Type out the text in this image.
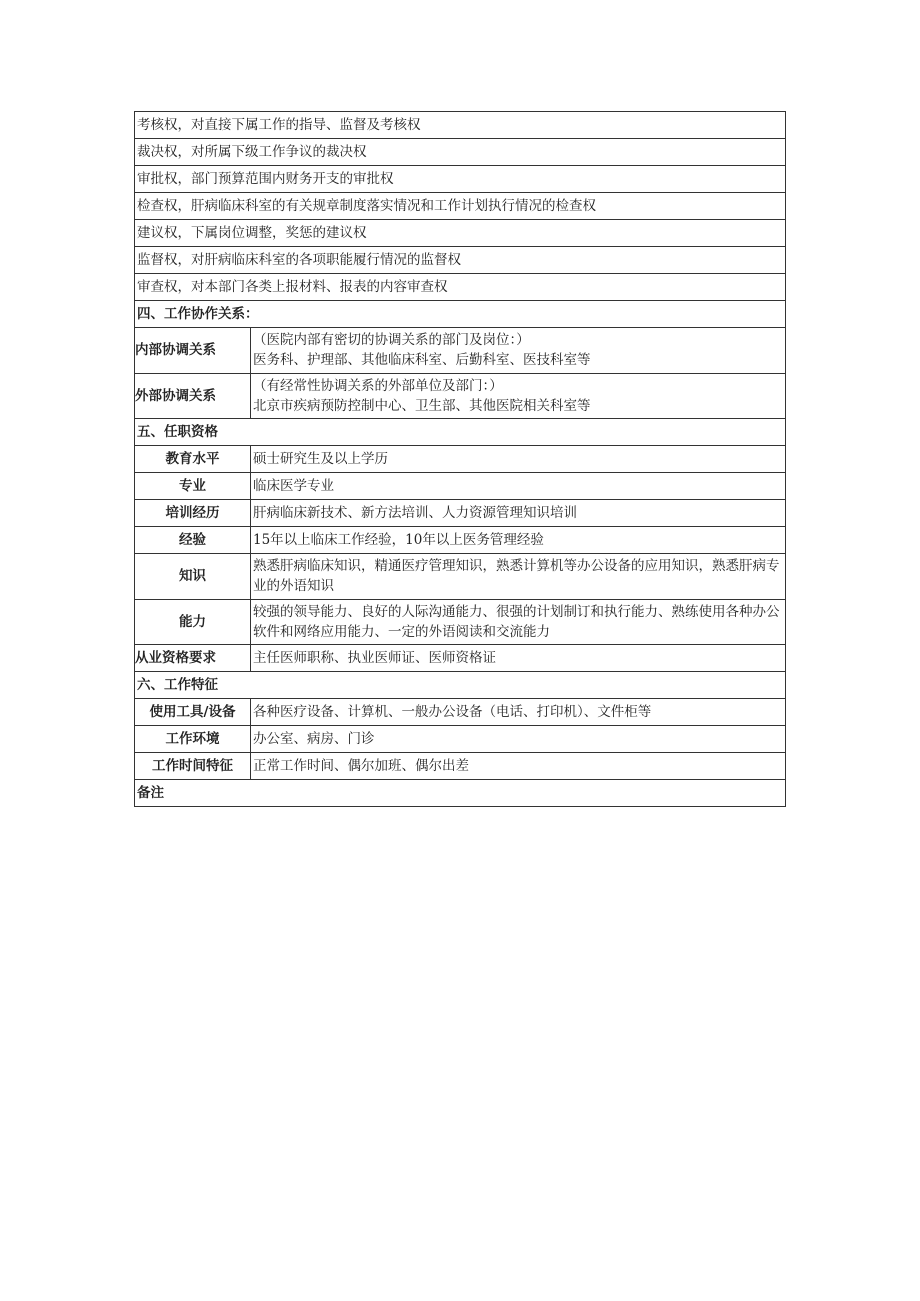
考核权，对直接下属工作的指导、监督及考核权	
裁决权，对所属下级工作争议的裁决权	
审批权，部门预算范围内财务开支的审批权	
检查权，肝病临床科室的有关规章制度落实情况和工作计划执行情况的检查权	
建议权，下属岗位调整，奖惩的建议权	
监督权，对肝病临床科室的各项职能履行情况的监督权	
审查权，对本部门各类上报材料、报表的内容审查权	
四、工作协作关系：	
内部协调关系	（医院内部有密切的协调关系的部门及岗位：）
医务科、护理部、其他临床科室、后勤科室、医技科室等

外部协调关系	（有经常性协调关系的外部单位及部门：）
北京市疾病预防控制中心、卫生部、其他医院相关科室等

五、任职资格	
教育水平	硕士研究生及以上学历
专业	临床医学专业
培训经历	肝病临床新技术、新方法培训、人力资源管理知识培训
经验	15年以上临床工作经验，10年以上医务管理经验
知识	熟悉肝病临床知识，精通医疗管理知识，熟悉计算机等办公设备的应用知识，熟悉肝病专业的外语知识
能力	较强的领导能力、良好的人际沟通能力、很强的计划制订和执行能力、熟练使用各种办公软件和网络应用能力、一定的外语阅读和交流能力
从业资格要求	主任医师职称、执业医师证、医师资格证
六、工作特征	
使用工具/设备	各种医疗设备、计算机、一般办公设备（电话、打印机）、文件柜等
工作环境	办公室、病房、门诊
工作时间特征	正常工作时间、偶尔加班、偶尔出差
备注	
